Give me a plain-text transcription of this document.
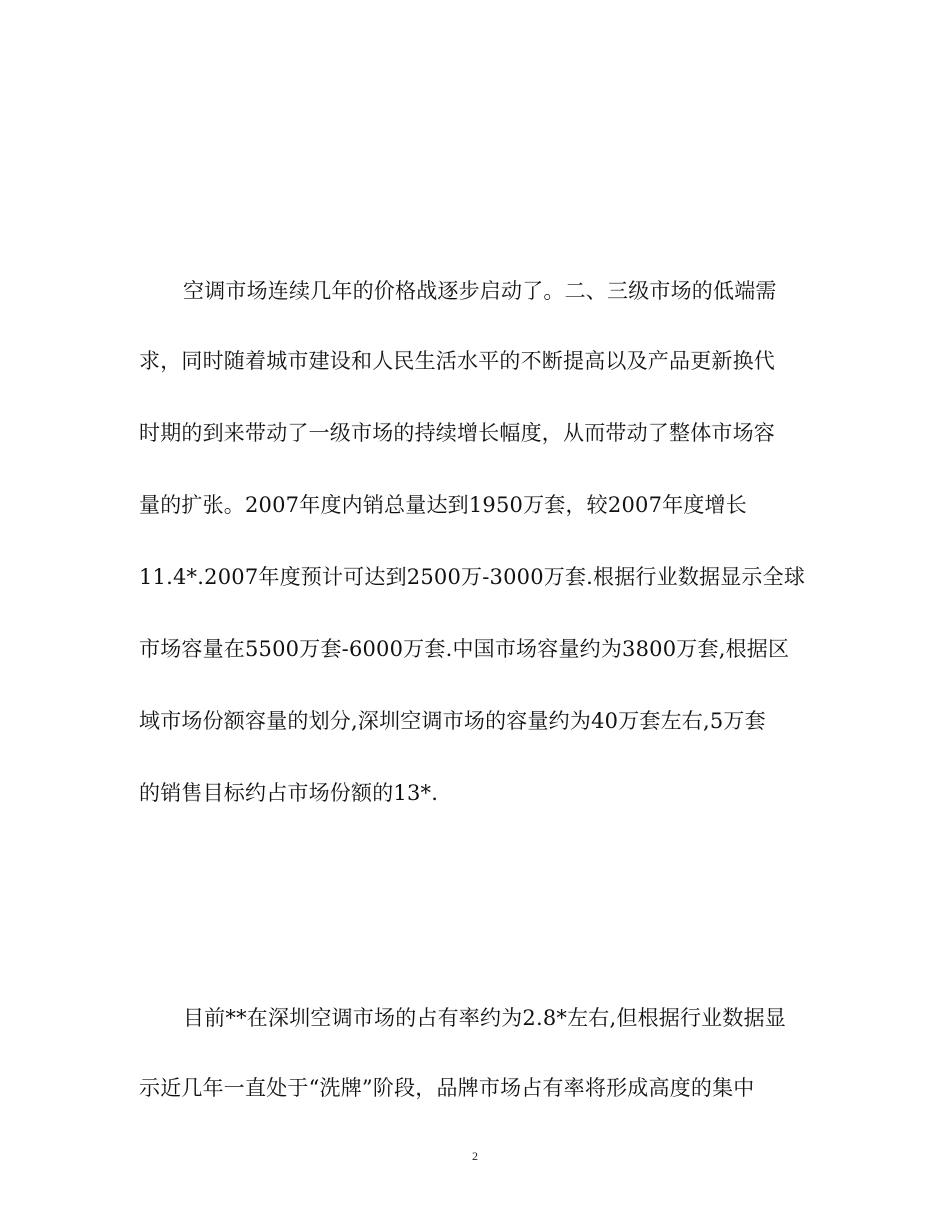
空调市场连续几年的价格战逐步启动了。二、三级市场的低端需
求，同时随着城市建设和人民生活水平的不断提高以及产品更新换代
时期的到来带动了一级市场的持续增长幅度，从而带动了整体市场容
量的扩张。2007年度内销总量达到1950万套，较2007年度增长
11.4*.2007年度预计可达到2500万-3000万套.根据行业数据显示全球
市场容量在5500万套-6000万套.中国市场容量约为3800万套,根据区
域市场份额容量的划分,深圳空调市场的容量约为40万套左右,5万套
的销售目标约占市场份额的13*.
目前**在深圳空调市场的占有率约为2.8*左右,但根据行业数据显
示近几年一直处于“洗牌”阶段，品牌市场占有率将形成高度的集中
2
